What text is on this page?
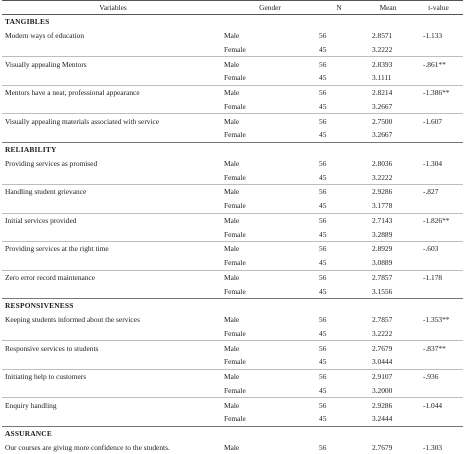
Variables	Gender	N	Mean	t-value
TANGIBLES				
Modern ways of education	Male	56	2.8571	-1.133
	Female	45	3.2222	
Visually appealing Mentors	Male	56	2.8393	-.861**
	Female	45	3.1111	
Mentors have a neat, professional appearance	Male	56	2.8214	-1.386**
	Female	45	3.2667	
Visually appealing materials associated with service	Male	56	2.7500	-1.607
	Female	45	3.2667	
RELIABILITY				
Providing services as promised	Male	56	2.8036	-1.304
	Female	45	3.2222	
Handling student grievance	Male	56	2.9286	-.827
	Female	45	3.1778	
Initial services provided	Male	56	2.7143	-1.826**
	Female	45	3.2889	
Providing services at the right time	Male	56	2.8929	-.603
	Female	45	3.0889	
Zero error record maintenance	Male	56	2.7857	-1.178
	Female	45	3.1556	
RESPONSIVENESS				
Keeping students informed about the services	Male	56	2.7857	-1.353**
	Female	45	3.2222	
Responsive services to students	Male	56	2.7679	-.837**
	Female	45	3.0444	
Initiating help to customers	Male	56	2.9107	-.936
	Female	45	3.2000	
Enquiry handling	Male	56	2.9286	-1.044
	Female	45	3.2444	
ASSURANCE				
Our courses are giving more confidence to the students.	Male	56	2.7679	-1.303
